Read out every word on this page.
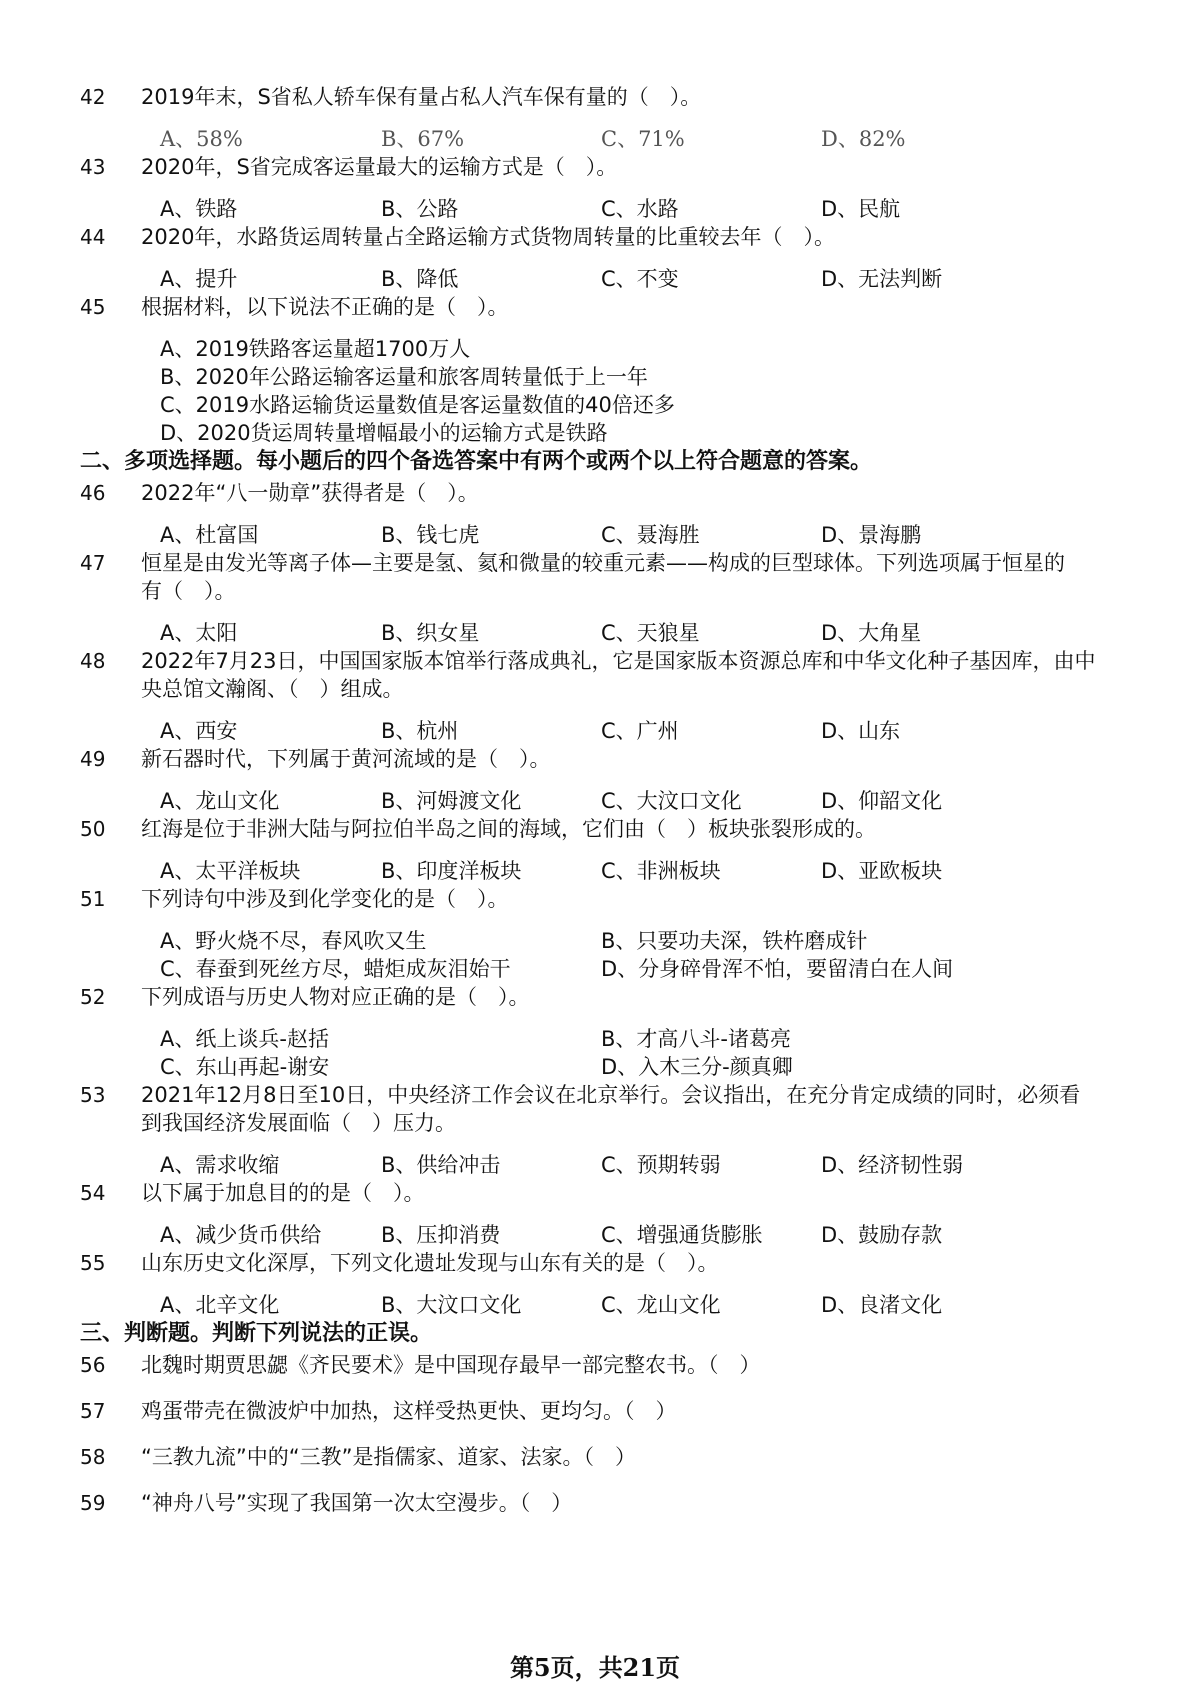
42 2019年末，S省私人轿车保有量占私人汽车保有量的（　）。
A、58%	B、67%	C、71%	D、82%
43 2020年，S省完成客运量最大的运输方式是（　）。
A、铁路	B、公路	C、水路	D、民航
44 2020年，水路货运周转量占全路运输方式货物周转量的比重较去年（　）。
A、提升	B、降低	C、不变	D、无法判断
45 根据材料，以下说法不正确的是（　）。
A、2019铁路客运量超1700万人
B、2020年公路运输客运量和旅客周转量低于上一年
C、2019水路运输货运量数值是客运量数值的40倍还多
D、2020货运周转量增幅最小的运输方式是铁路
二、多项选择题。每小题后的四个备选答案中有两个或两个以上符合题意的答案。
46 2022年“八一勋章”获得者是（　）。
A、杜富国	B、钱七虎	C、聂海胜	D、景海鹏
47 恒星是由发光等离子体—主要是氢、氦和微量的较重元素——构成的巨型球体。下列选项属于恒星的
有（　）。
A、太阳	B、织女星	C、天狼星	D、大角星
48 2022年7月23日，中国国家版本馆举行落成典礼，它是国家版本资源总库和中华文化种子基因库，由中
央总馆文瀚阁、（　）组成。
A、西安	B、杭州	C、广州	D、山东
49 新石器时代，下列属于黄河流域的是（　）。
A、龙山文化	B、河姆渡文化	C、大汶口文化	D、仰韶文化
50 红海是位于非洲大陆与阿拉伯半岛之间的海域，它们由（　）板块张裂形成的。
A、太平洋板块	B、印度洋板块	C、非洲板块	D、亚欧板块
51 下列诗句中涉及到化学变化的是（　）。
A、野火烧不尽，春风吹又生	B、只要功夫深，铁杵磨成针
C、春蚕到死丝方尽，蜡炬成灰泪始干	D、分身碎骨浑不怕，要留清白在人间
52 下列成语与历史人物对应正确的是（　）。
A、纸上谈兵-赵括	B、才高八斗-诸葛亮
C、东山再起-谢安	D、入木三分-颜真卿
53 2021年12月8日至10日，中央经济工作会议在北京举行。会议指出，在充分肯定成绩的同时，必须看
到我国经济发展面临（　）压力。
A、需求收缩	B、供给冲击	C、预期转弱	D、经济韧性弱
54 以下属于加息目的的是（　）。
A、减少货币供给	B、压抑消费	C、增强通货膨胀	D、鼓励存款
55 山东历史文化深厚，下列文化遗址发现与山东有关的是（　）。
A、北辛文化	B、大汶口文化	C、龙山文化	D、良渚文化
三、判断题。判断下列说法的正误。
56 北魏时期贾思勰《齐民要术》是中国现存最早一部完整农书。（　）
57 鸡蛋带壳在微波炉中加热，这样受热更快、更均匀。（　）
58 “三教九流”中的“三教”是指儒家、道家、法家。（　）
59 “神舟八号”实现了我国第一次太空漫步。（　）
第5页，共21页
